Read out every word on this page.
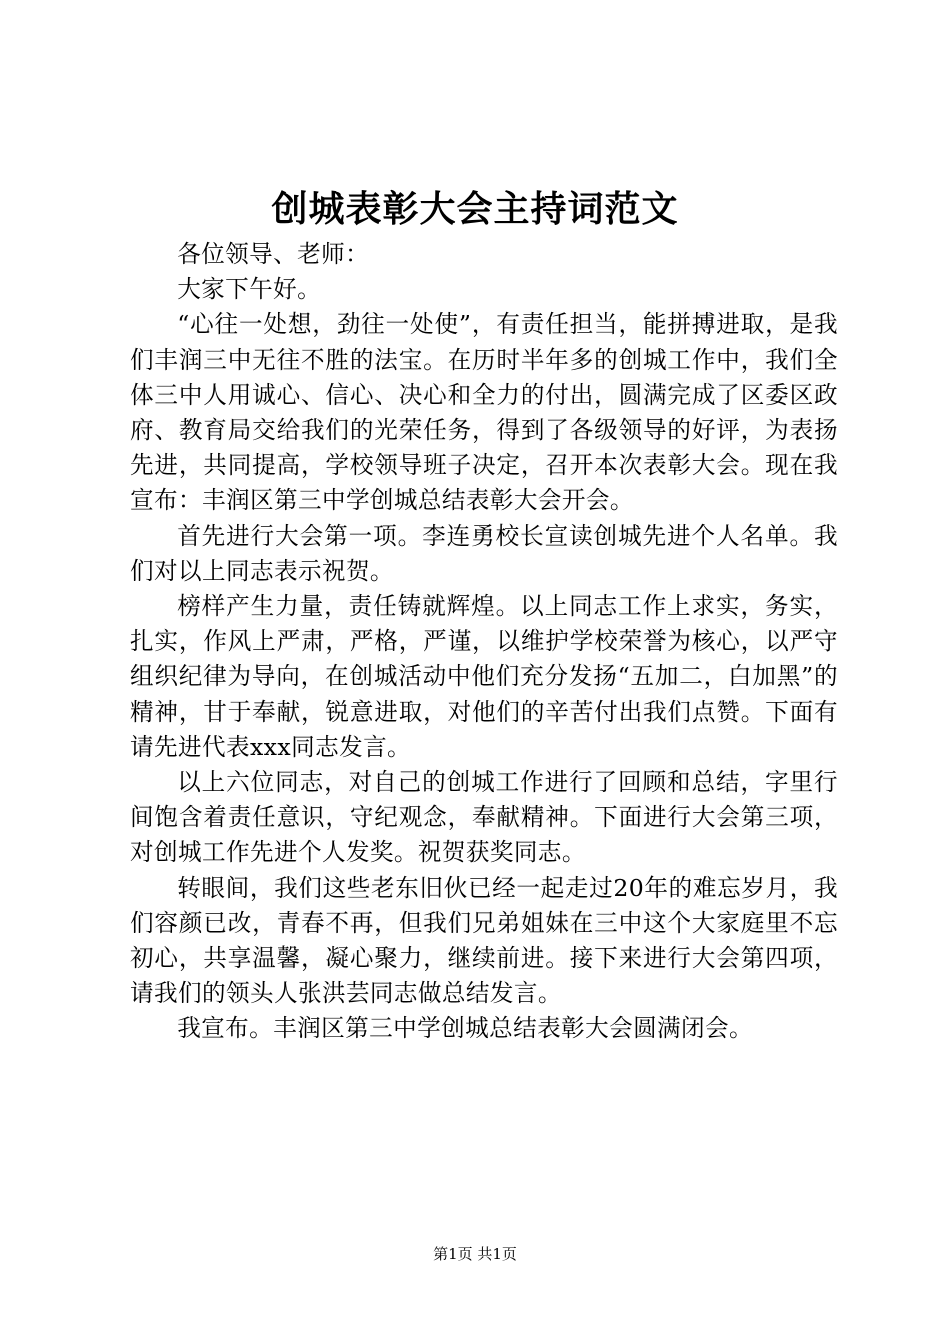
创城表彰大会主持词范文

各位领导、老师：

大家下午好。

“心往一处想，劲往一处使”，有责任担当，能拼搏进取，是我们丰润三中无往不胜的法宝。在历时半年多的创城工作中，我们全体三中人用诚心、信心、决心和全力的付出，圆满完成了区委区政府、教育局交给我们的光荣任务，得到了各级领导的好评，为表扬先进，共同提高，学校领导班子决定，召开本次表彰大会。现在我宣布：丰润区第三中学创城总结表彰大会开会。

首先进行大会第一项。李连勇校长宣读创城先进个人名单。我们对以上同志表示祝贺。

榜样产生力量，责任铸就辉煌。以上同志工作上求实，务实，扎实，作风上严肃，严格，严谨，以维护学校荣誉为核心，以严守组织纪律为导向，在创城活动中他们充分发扬“五加二，白加黑”的精神，甘于奉献，锐意进取，对他们的辛苦付出我们点赞。下面有请先进代表xxx同志发言。

以上六位同志，对自己的创城工作进行了回顾和总结，字里行间饱含着责任意识，守纪观念，奉献精神。下面进行大会第三项，对创城工作先进个人发奖。祝贺获奖同志。

转眼间，我们这些老东旧伙已经一起走过20年的难忘岁月，我们容颜已改，青春不再，但我们兄弟姐妹在三中这个大家庭里不忘初心，共享温馨，凝心聚力，继续前进。接下来进行大会第四项，请我们的领头人张洪芸同志做总结发言。

我宣布。丰润区第三中学创城总结表彰大会圆满闭会。

第1页 共1页
